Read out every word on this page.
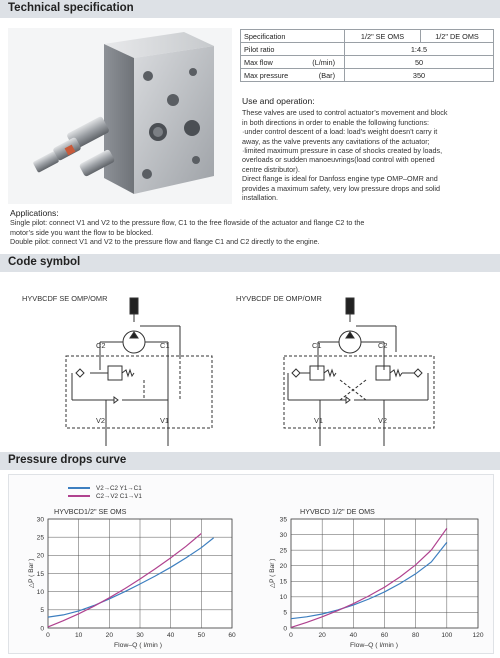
Technical specification
Specification	1/2" SE OMS	1/2" DE OMS
Pilot ratio	1:4.5	
Max flow (L/min)	50	
Max pressure (Bar)	350	
Use and operation:

These valves are used to control actuator’s movement and block

in both directions in order to enable the following functions:

·under control descent of a load: load’s weight doesn’t carry it

away, as the valve prevents any cavitations of the actuator;

·limited maximum pressure in case of shocks created by loads,

overloads or sudden manoeuvrings(load control with opened

centre distributor).

Direct flange is ideal for Danfoss engine type OMP–OMR and

provides a maximum safety, very low pressure drops and solid

installation.

Applications:

Single pilot: connect V1 and V2 to the pressure flow, C1 to the free flowside of the actuator and flange C2 to the

motor’s side you want the flow to be blocked.

Double pilot: connect V1 and V2 to the pressure flow and flange C1 and C2 directly to the engine.

Code symbol
HYVBCDF SE OMP/OMR
C2	C1
V2	V1
HYVBCDF DE OMP/OMR
C1	C2
V1	V2
Pressure drops curve
V2→C2 Y1→C1
C2→V2 C1→V1
HYVBCD1/2" SE OMS
△P ( Bar )
Flow–Q ( l/min )
0	10	20	30	40	50	60
0
5
10
15
20
25
30
HYVBCD 1/2" DE OMS
△P ( Bar )
Flow–Q ( l/min )
0	20	40	60	80	100	120
0
5
10
15
20
25
30
35
